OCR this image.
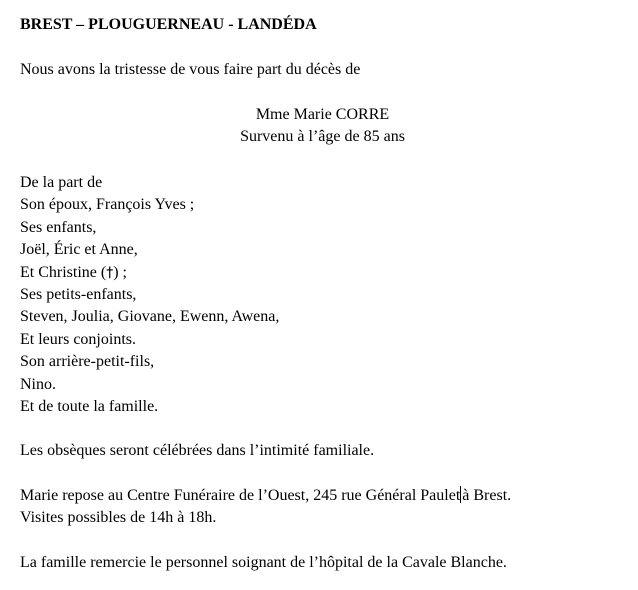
BREST – PLOUGUERNEAU - LANDÉDA

Nous avons la tristesse de vous faire part du décès de

Mme Marie CORRE
Survenu à l’âge de 85 ans
De la part de
Son époux, François Yves ;
Ses enfants,
Joël, Éric et Anne,
Et Christine (†) ;
Ses petits-enfants,
Steven, Joulia, Giovane, Ewenn, Awena,
Et leurs conjoints.
Son arrière-petit-fils,
Nino.
Et de toute la famille.

Les obsèques seront célébrées dans l’intimité familiale.

Marie repose au Centre Funéraire de l’Ouest, 245 rue Général Paulet à Brest.

Visites possibles de 14h à 18h.

La famille remercie le personnel soignant de l’hôpital de la Cavale Blanche.
